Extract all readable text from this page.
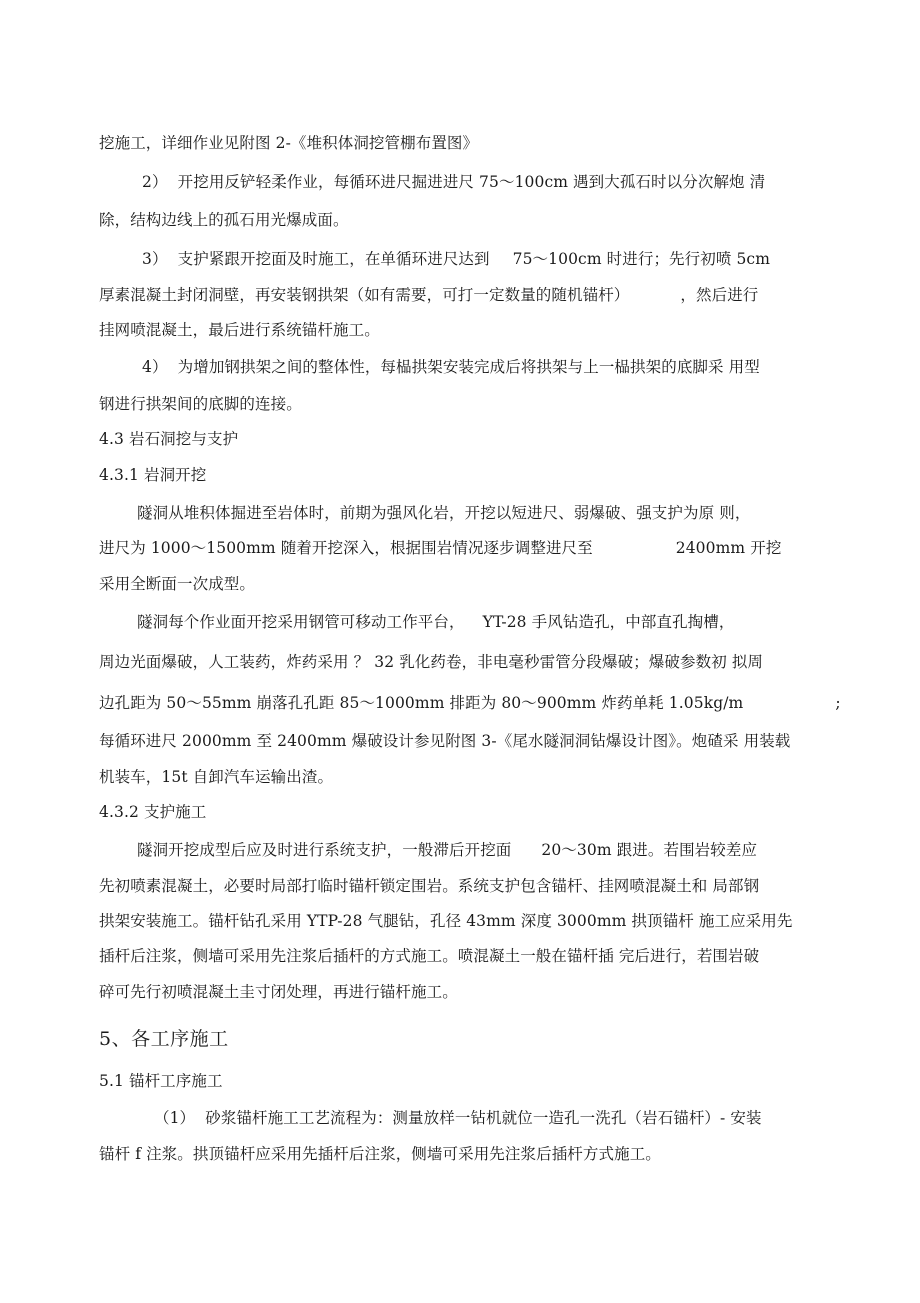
挖施工，详细作业见附图 2-《堆积体洞挖管棚布置图》
2）  开挖用反铲轻柔作业，每循环进尺掘进进尺 75〜100cm 遇到大孤石时以分次解炮 清
除，结构边线上的孤石用光爆成面。
3）  支护紧跟开挖面及时施工，在单循环进尺达到 75〜100cm 时进行；先行初喷 5cm
厚素混凝土封闭洞壁，再安装钢拱架（如有需要，可打一定数量的随机锚杆）	，然后进行
挂网喷混凝土，最后进行系统锚杆施工。
4）  为增加钢拱架之间的整体性，每榀拱架安装完成后将拱架与上一榀拱架的底脚采 用型
钢进行拱架间的底脚的连接。
4.3 岩石洞挖与支护
4.3.1 岩洞开挖
隧洞从堆积体掘进至岩体时，前期为强风化岩，开挖以短进尺、弱爆破、强支护为原 则，
进尺为 1000〜1500mm 随着开挖深入，根据围岩情况逐步调整进尺至	2400mm 开挖
采用全断面一次成型。
隧洞每个作业面开挖采用钢管可移动工作平台， YT-28 手风钻造孔，中部直孔掏槽，
周边光面爆破，人工装药，炸药采用 ？ 32 乳化药卷，非电毫秒雷管分段爆破；爆破参数初 拟周
边孔距为 50〜55mm 崩落孔孔距 85〜1000mm 排距为 80〜900mm 炸药单耗 1.05kg/m	;
每循环进尺 2000mm 至 2400mm 爆破设计参见附图 3-《尾水隧洞洞钻爆设计图》。炮碴采 用装载
机装车，15t 自卸汽车运输出渣。
4.3.2 支护施工
隧洞开挖成型后应及时进行系统支护，一般滞后开挖面 20〜30m 跟进。若围岩较差应
先初喷素混凝土，必要时局部打临时锚杆锁定围岩。系统支护包含锚杆、挂网喷混凝土和 局部钢
拱架安装施工。锚杆钻孔采用 YTP-28 气腿钻，孔径 43mm 深度 3000mm 拱顶锚杆 施工应采用先
插杆后注浆，侧墙可采用先注浆后插杆的方式施工。喷混凝土一般在锚杆插 完后进行，若围岩破
碎可先行初喷混凝土圭寸闭处理，再进行锚杆施工。
5、各工序施工
5.1 锚杆工序施工
（1）  砂浆锚杆施工工艺流程为：测量放样一钻机就位一造孔一洗孔（岩石锚杆）- 安装
锚杆 f 注浆。拱顶锚杆应采用先插杆后注浆，侧墙可采用先注浆后插杆方式施工。
